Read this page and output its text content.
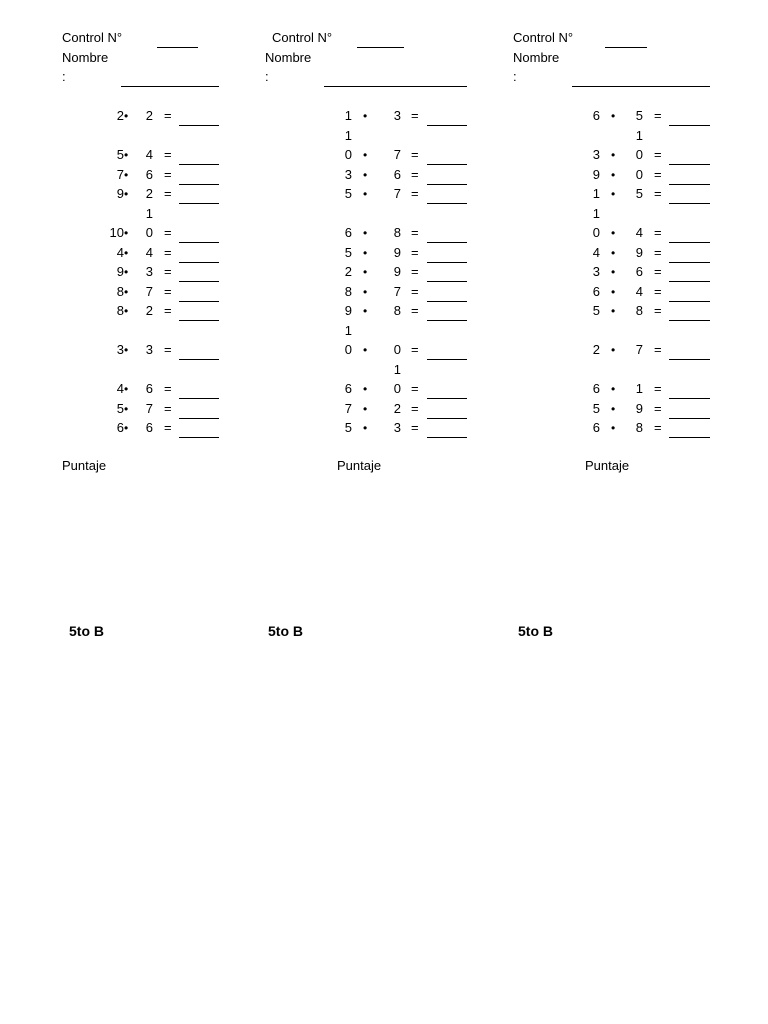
Control N°
Nombre
:
2 •	2 =
5 •	4 =
7 •	6 =
9 •	2 =
1
10 •	0 =
4 •	4 =
9 •	3 =
8 •	7 =
8 •	2 =
3 •	3 =
4 •	6 =
5 •	7 =
6 •	6 =
Puntaje
5to B
Control N°
Nombre
:
1 •	3 =
1
0 •	7 =
3 •	6 =
5 •	7 =
6 •	8 =
5 •	9 =
2 •	9 =
8 •	7 =
9 •	8 =
1
0 •	0 =
1
6 •	0 =
7 •	2 =
5 •	3 =
Puntaje
5to B
Control N°
Nombre
:
6 •	5 =
1
3 •	0 =
9 •	0 =
1 •	5 =
1
0 •	4 =
4 •	9 =
3 •	6 =
6 •	4 =
5 •	8 =
2 •	7 =
6 •	1 =
5 •	9 =
6 •	8 =
Puntaje
5to B
